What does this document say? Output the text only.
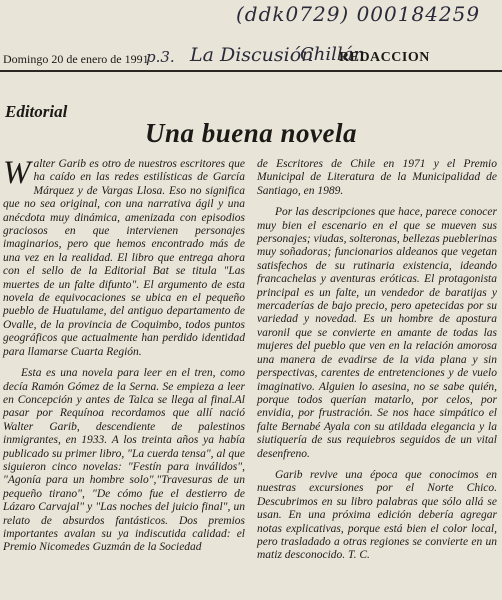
(ddk0729) 000184259
p.3. La Discusión
Chillán
Domingo 20 de enero de 1991	REDACCION
Editorial
Una buena novela

Walter Garib es otro de nuestros escritores que ha caído en las redes estilísticas de García Márquez y de Vargas Llosa. Eso no significa que no sea original, con una narrativa ágil y una anécdota muy dinámica, amenizada con episodios graciosos en que intervienen personajes imaginarios, pero que hemos encontrado más de una vez en la realidad. El libro que entrega ahora con el sello de la Editorial Bat se titula "Las muertes de un falte difunto". El argumento de esta novela de equivocaciones se ubica en el pequeño pueblo de Huatulame, del antiguo departamento de Ovalle, de la provincia de Coquimbo, todos puntos geográficos que actualmente han perdido identidad para llamarse Cuarta Región.

Esta es una novela para leer en el tren, como decía Ramón Gómez de la Serna. Se empieza a leer en Concepción y antes de Talca se llega al final.Al pasar por Requínoa recordamos que allí nació Walter Garib, descendiente de palestinos inmigrantes, en 1933. A los treinta años ya había publicado su primer libro, "La cuerda tensa", al que siguieron cinco novelas: "Festín para inválidos", "Agonía para un hombre solo","Travesuras de un pequeño tirano", "De cómo fue el destierro de Lázaro Carvajal" y "Las noches del juicio final", un relato de absurdos fantásticos. Dos premios importantes avalan su ya indiscutida calidad: el Premio Nicomedes Guzmán de la Sociedad

de Escritores de Chile en 1971 y el Premio Municipal de Literatura de la Municipalidad de Santiago, en 1989.

Por las descripciones que hace, parece conocer muy bien el escenario en el que se mueven sus personajes; viudas, solteronas, bellezas pueblerinas muy soñadoras; funcionarios aldeanos que vegetan satisfechos de su rutinaria existencia, ideando francachelas y aventuras eróticas. El protagonista principal es un falte, un vendedor de baratijas y mercaderías de bajo precio, pero apetecidas por su variedad y novedad. Es un hombre de apostura varonil que se convierte en amante de todas las mujeres del pueblo que ven en la relación amorosa una manera de evadirse de la vida plana y sin perspectivas, carentes de entretenciones y de vuelo imaginativo. Alguien lo asesina, no se sabe quién, porque todos querían matarlo, por celos, por envidia, por frustración. Se nos hace simpático el falte Bernabé Ayala con su atildada elegancia y la siutiquería de sus requiebros seguidos de un vital desenfreno.

Garib revive una época que conocimos en nuestras excursiones por el Norte Chico. Descubrimos en su libro palabras que sólo allá se usan. En una próxima edición debería agregar notas explicativas, porque está bien el color local, pero trasladado a otras regiones se convierte en un matiz desconocido. T. C.
